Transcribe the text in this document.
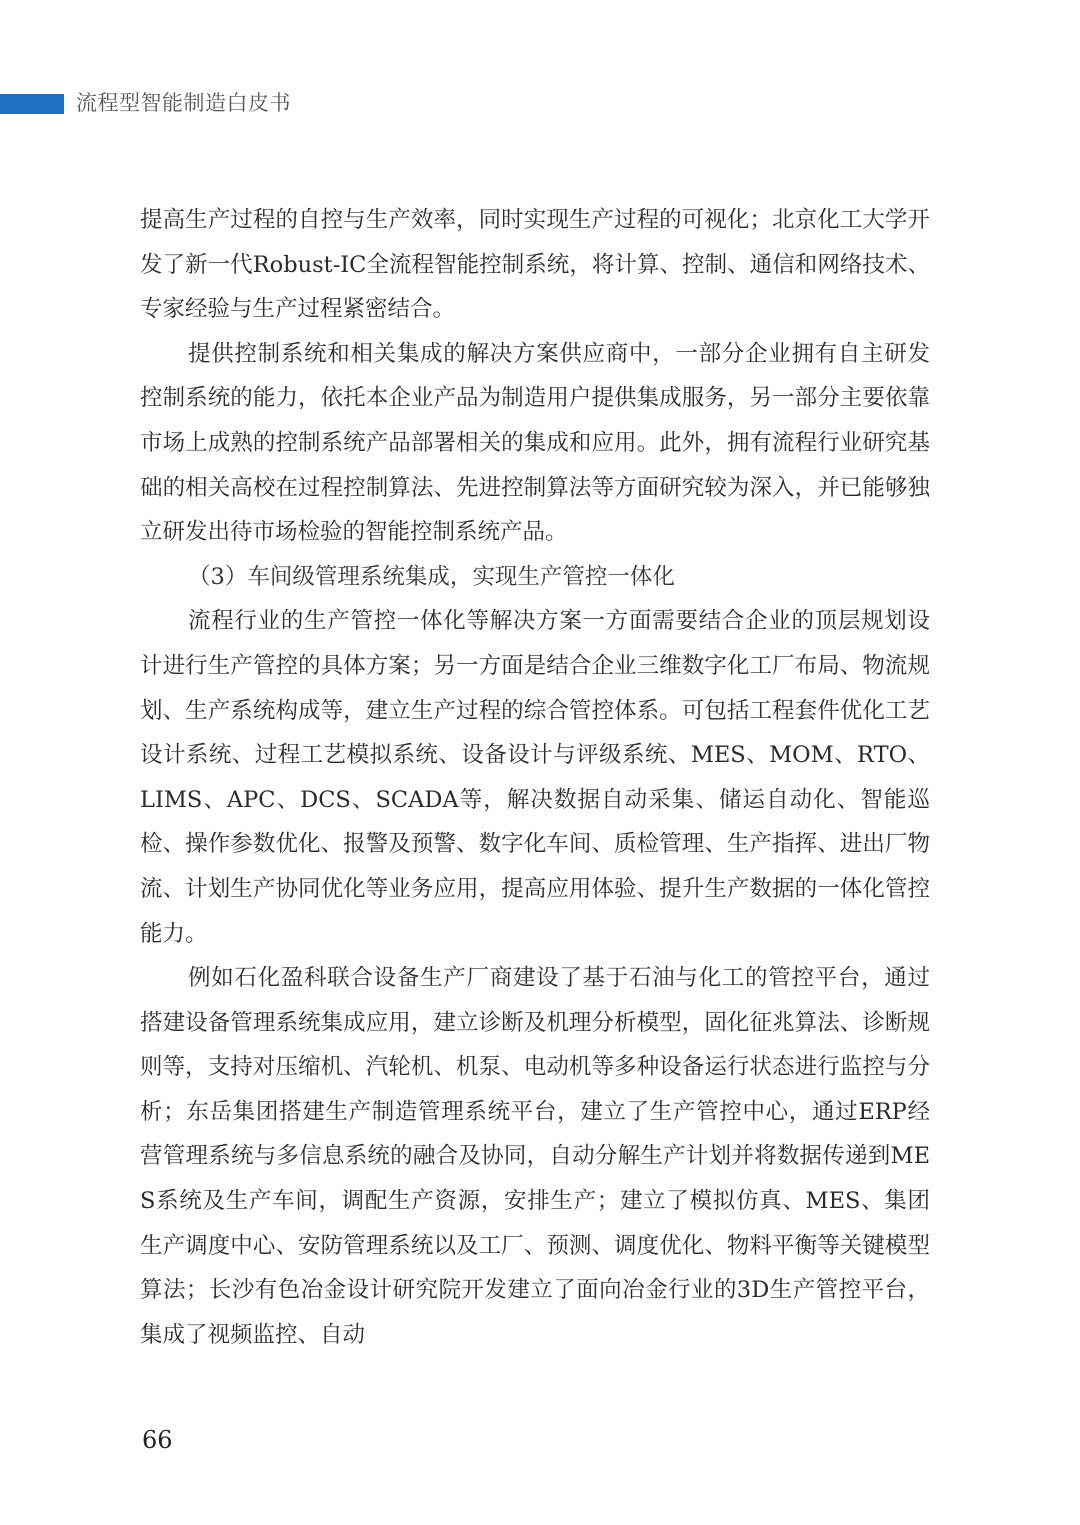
流程型智能制造白皮书

提高生产过程的自控与生产效率，同时实现生产过程的可视化；北京化工大学开发了新一代Robust-IC全流程智能控制系统，将计算、控制、通信和网络技术、专家经验与生产过程紧密结合。

提供控制系统和相关集成的解决方案供应商中，一部分企业拥有自主研发控制系统的能力，依托本企业产品为制造用户提供集成服务，另一部分主要依靠市场上成熟的控制系统产品部署相关的集成和应用。此外，拥有流程行业研究基础的相关高校在过程控制算法、先进控制算法等方面研究较为深入，并已能够独立研发出待市场检验的智能控制系统产品。

（3）车间级管理系统集成，实现生产管控一体化

流程行业的生产管控一体化等解决方案一方面需要结合企业的顶层规划设计进行生产管控的具体方案；另一方面是结合企业三维数字化工厂布局、物流规划、生产系统构成等，建立生产过程的综合管控体系。可包括工程套件优化工艺设计系统、过程工艺模拟系统、设备设计与评级系统、MES、MOM、RTO、LIMS、APC、DCS、SCADA等，解决数据自动采集、储运自动化、智能巡检、操作参数优化、报警及预警、数字化车间、质检管理、生产指挥、进出厂物流、计划生产协同优化等业务应用，提高应用体验、提升生产数据的一体化管控能力。

例如石化盈科联合设备生产厂商建设了基于石油与化工的管控平台，通过搭建设备管理系统集成应用，建立诊断及机理分析模型，固化征兆算法、诊断规则等，支持对压缩机、汽轮机、机泵、电动机等多种设备运行状态进行监控与分析；东岳集团搭建生产制造管理系统平台，建立了生产管控中心，通过ERP经营管理系统与多信息系统的融合及协同，自动分解生产计划并将数据传递到MES系统及生产车间，调配生产资源，安排生产；建立了模拟仿真、MES、集团生产调度中心、安防管理系统以及工厂、预测、调度优化、物料平衡等关键模型算法；长沙有色冶金设计研究院开发建立了面向冶金行业的3D生产管控平台，集成了视频监控、自动

66
